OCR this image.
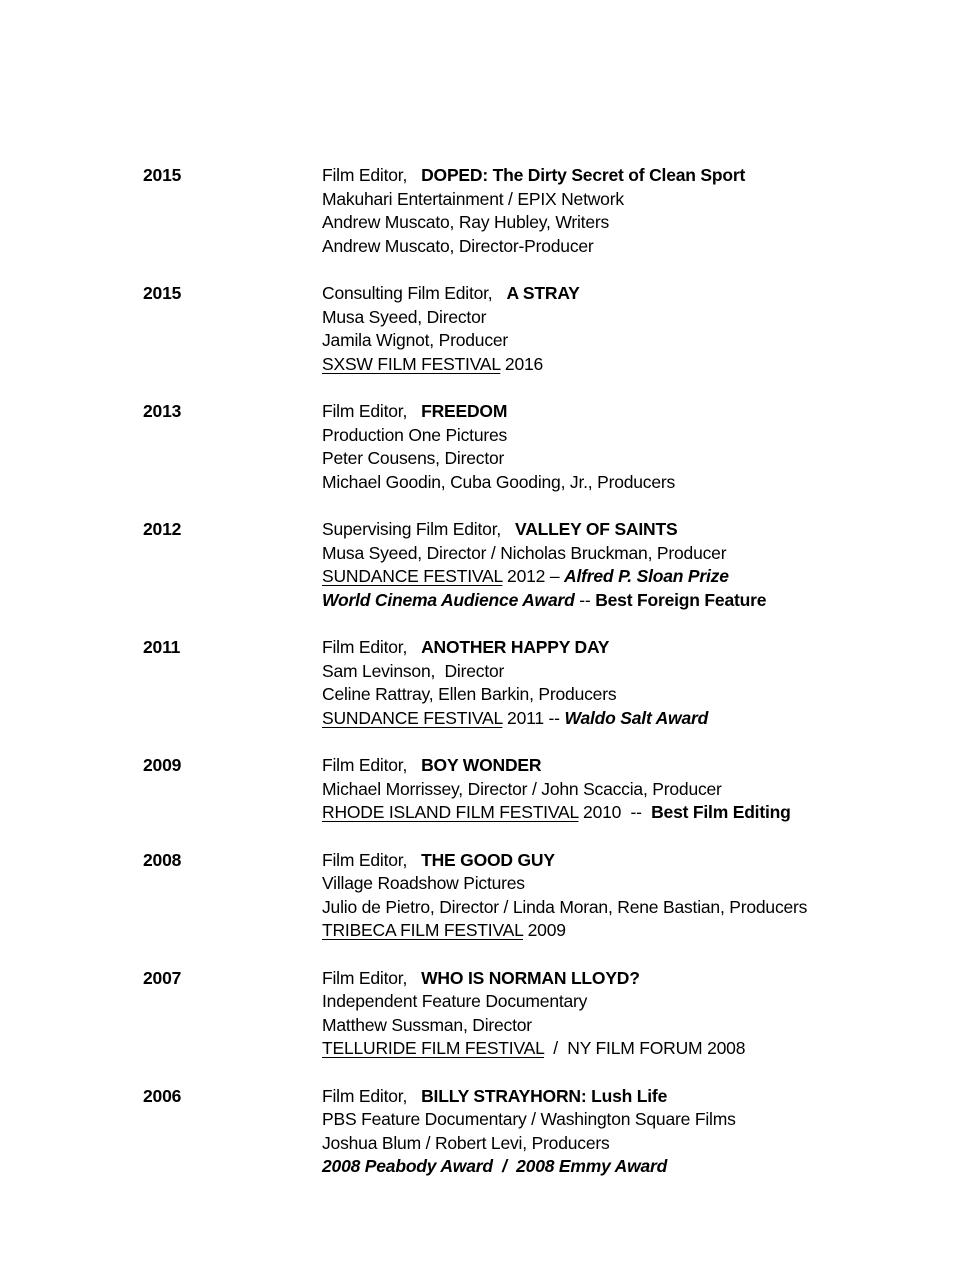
2015	Film Editor,   DOPED: The Dirty Secret of Clean Sport
Makuhari Entertainment / EPIX Network
Andrew Muscato, Ray Hubley, Writers
Andrew Muscato, Director-Producer
2015	Consulting Film Editor,   A STRAY
Musa Syeed, Director
Jamila Wignot, Producer
SXSW FILM FESTIVAL 2016
2013	Film Editor,   FREEDOM
Production One Pictures
Peter Cousens, Director
Michael Goodin, Cuba Gooding, Jr., Producers
2012	Supervising Film Editor,   VALLEY OF SAINTS
Musa Syeed, Director / Nicholas Bruckman, Producer
SUNDANCE FESTIVAL 2012 – Alfred P. Sloan Prize
World Cinema Audience Award -- Best Foreign Feature
2011	Film Editor,   ANOTHER HAPPY DAY
Sam Levinson,  Director
Celine Rattray, Ellen Barkin, Producers
SUNDANCE FESTIVAL 2011 -- Waldo Salt Award
2009	Film Editor,   BOY WONDER
Michael Morrissey, Director / John Scaccia, Producer
RHODE ISLAND FILM FESTIVAL 2010  --  Best Film Editing
2008	Film Editor,   THE GOOD GUY
Village Roadshow Pictures
Julio de Pietro, Director / Linda Moran, Rene Bastian, Producers
TRIBECA FILM FESTIVAL 2009
2007	Film Editor,   WHO IS NORMAN LLOYD?
Independent Feature Documentary
Matthew Sussman, Director
TELLURIDE FILM FESTIVAL  /  NY FILM FORUM 2008
2006	Film Editor,   BILLY STRAYHORN: Lush Life
PBS Feature Documentary / Washington Square Films
Joshua Blum / Robert Levi, Producers
2008 Peabody Award  /  2008 Emmy Award
